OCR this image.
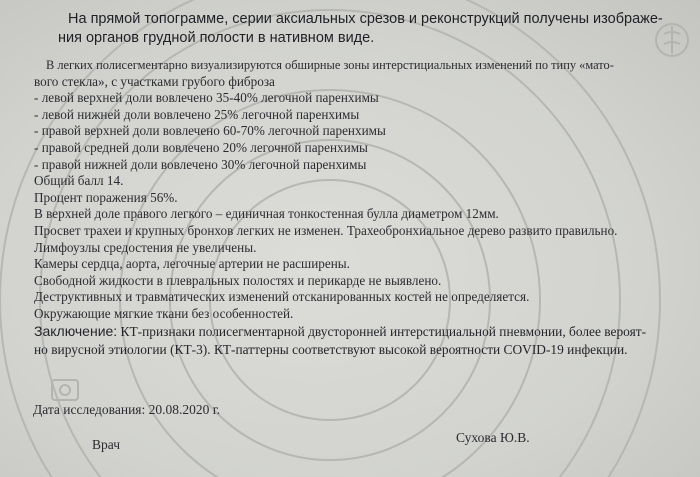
На прямой топограмме, серии аксиальных срезов и реконструкций получены изображе-
ния органов грудной полости в нативном виде.
В легких полисегментарно визуализируются обширные зоны интерстициальных изменений по типу «мато-
вого стекла», с участками грубого фиброза
- левой верхней доли вовлечено 35-40% легочной паренхимы
- левой нижней доли вовлечено 25% легочной паренхимы
- правой верхней доли вовлечено 60-70% легочной паренхимы
- правой средней доли вовлечено 20% легочной паренхимы
- правой нижней доли вовлечено 30% легочной паренхимы
Общий балл 14.
Процент поражения 56%.
В верхней доле правого легкого – единичная тонкостенная булла диаметром 12мм.
Просвет трахеи и крупных бронхов легких не изменен. Трахеобронхиальное дерево развито правильно.
Лимфоузлы средостения не увеличены.
Камеры сердца, аорта, легочные артерии не расширены.
Свободной жидкости в плевральных полостях и перикарде не выявлено.
Деструктивных и травматических изменений отсканированных костей не определяется.
Окружающие мягкие ткани без особенностей.
Заключение: КТ-признаки полисегментарной двусторонней интерстициальной пневмонии, более вероят-
но вирусной этиологии (КТ-3). КТ-паттерны соответствуют высокой вероятности COVID-19 инфекции.
Дата исследования: 20.08.2020 г.
Врач	Сухова Ю.В.
